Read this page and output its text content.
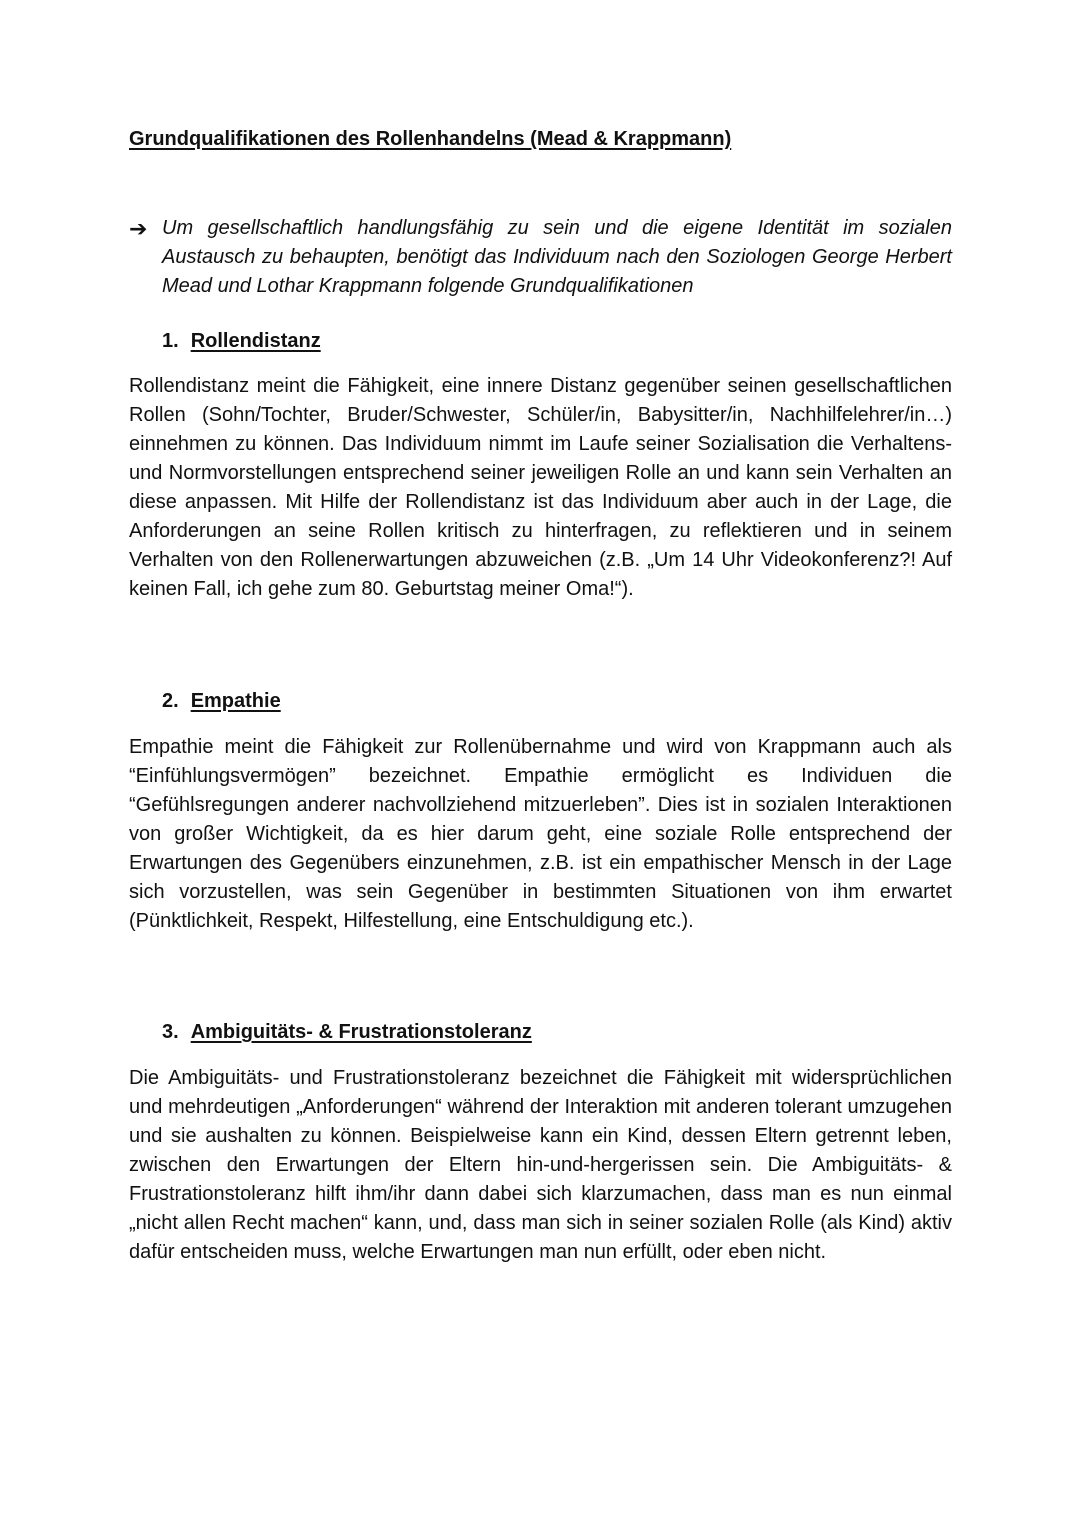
Grundqualifikationen des Rollenhandelns (Mead & Krappmann)
➔ Um gesellschaftlich handlungsfähig zu sein und die eigene Identität im sozialen Austausch zu behaupten, benötigt das Individuum nach den Soziologen George Herbert Mead und Lothar Krappmann folgende Grundqualifikationen
1. Rollendistanz
Rollendistanz meint die Fähigkeit, eine innere Distanz gegenüber seinen gesellschaftlichen Rollen (Sohn/Tochter, Bruder/Schwester, Schüler/in, Babysitter/in, Nachhilfelehrer/in…) einnehmen zu können. Das Individuum nimmt im Laufe seiner Sozialisation die Verhaltens- und Normvorstellungen entsprechend seiner jeweiligen Rolle an und kann sein Verhalten an diese anpassen. Mit Hilfe der Rollendistanz ist das Individuum aber auch in der Lage, die Anforderungen an seine Rollen kritisch zu hinterfragen, zu reflektieren und in seinem Verhalten von den Rollenerwartungen abzuweichen (z.B. „Um 14 Uhr Videokonferenz?! Auf keinen Fall, ich gehe zum 80. Geburtstag meiner Oma!“).
2. Empathie
Empathie meint die Fähigkeit zur Rollenübernahme und wird von Krappmann auch als “Einfühlungsvermögen” bezeichnet. Empathie ermöglicht es Individuen die “Gefühlsregungen anderer nachvollziehend mitzuerleben”. Dies ist in sozialen Interaktionen von großer Wichtigkeit, da es hier darum geht, eine soziale Rolle entsprechend der Erwartungen des Gegenübers einzunehmen, z.B. ist ein empathischer Mensch in der Lage sich vorzustellen, was sein Gegenüber in bestimmten Situationen von ihm erwartet (Pünktlichkeit, Respekt, Hilfestellung, eine Entschuldigung etc.).
3. Ambiguitäts- & Frustrationstoleranz
Die Ambiguitäts- und Frustrationstoleranz bezeichnet die Fähigkeit mit widersprüchlichen und mehrdeutigen „Anforderungen“ während der Interaktion mit anderen tolerant umzugehen und sie aushalten zu können. Beispielweise kann ein Kind, dessen Eltern getrennt leben, zwischen den Erwartungen der Eltern hin-und-hergerissen sein. Die Ambiguitäts- & Frustrationstoleranz hilft ihm/ihr dann dabei sich klarzumachen, dass man es nun einmal „nicht allen Recht machen“ kann, und, dass man sich in seiner sozialen Rolle (als Kind) aktiv dafür entscheiden muss, welche Erwartungen man nun erfüllt, oder eben nicht.
